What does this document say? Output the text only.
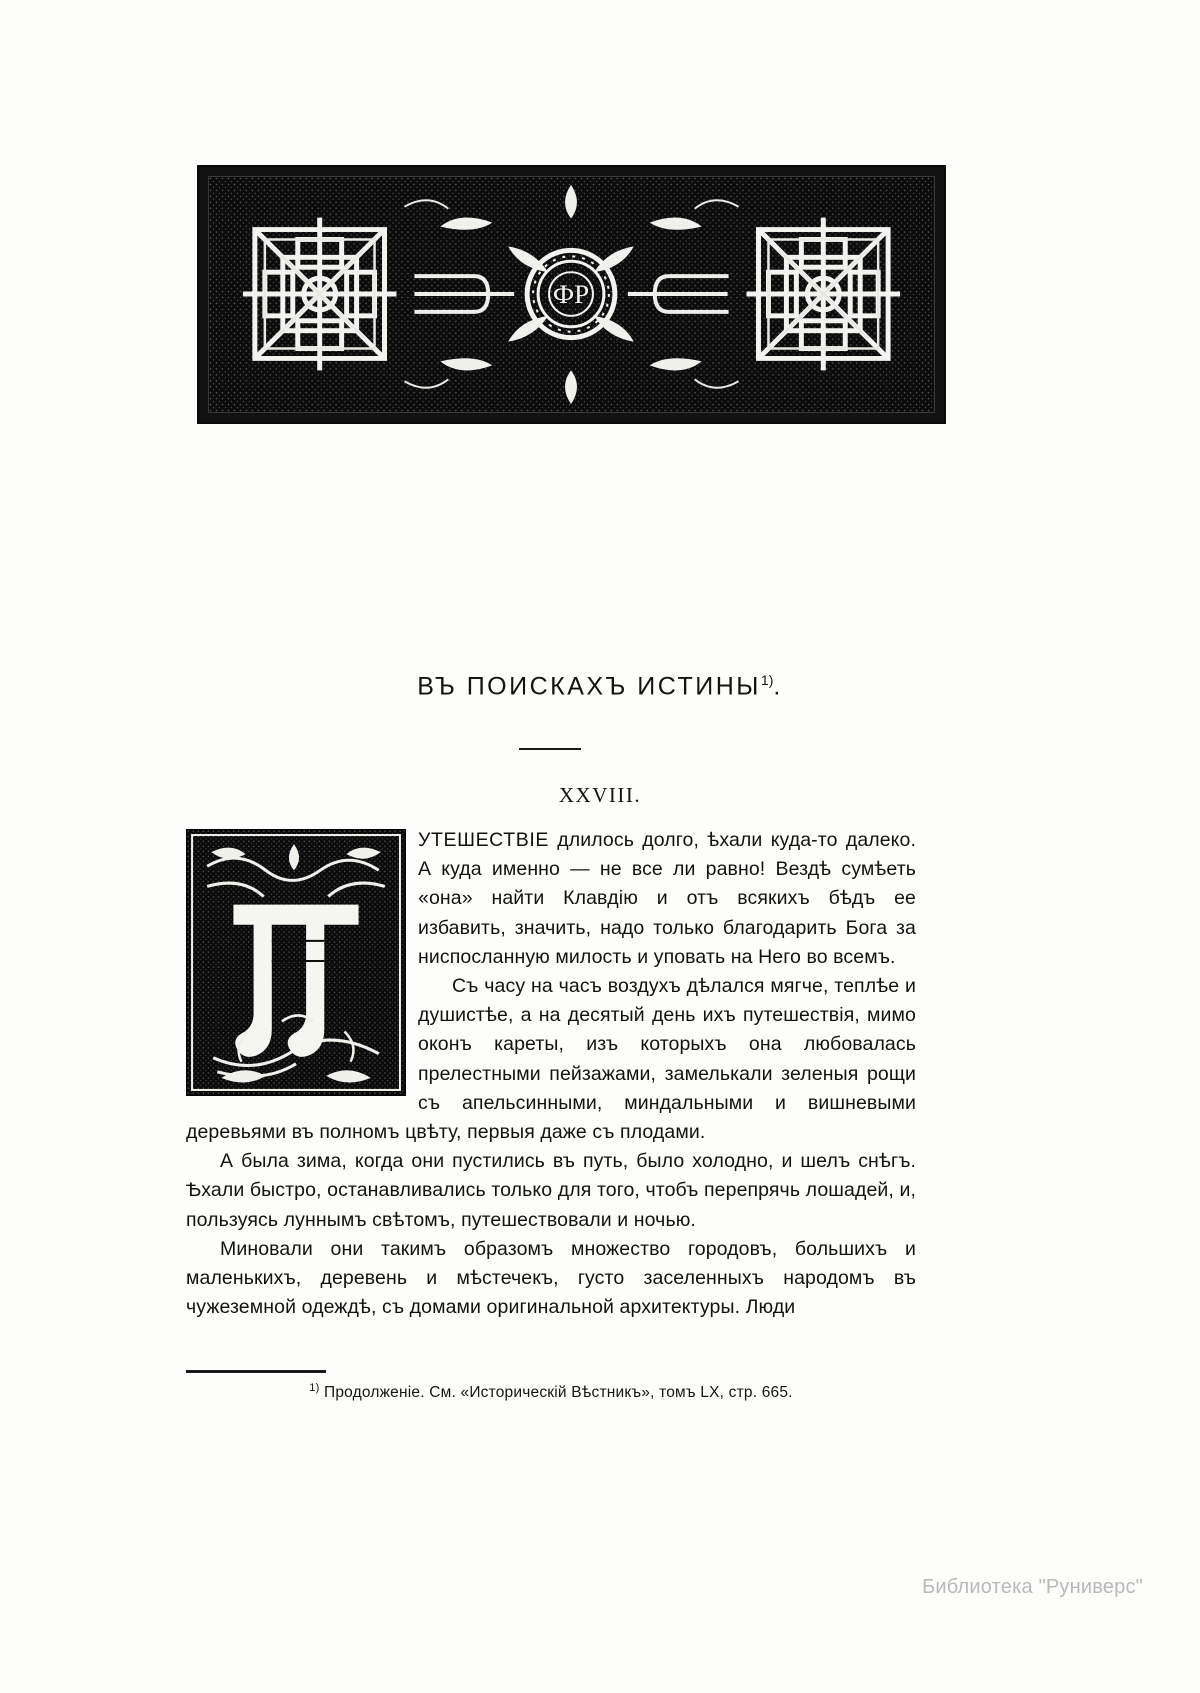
ФР
ВЪ ПОИСКАХЪ ИСТИНЫ$^{1)}$.
XXVIII.

УТЕШЕСТВІЕ длилось долго, ѣхали куда-то далеко. А куда именно — не все ли равно! Вездѣ сумѣеть «она» найти Клавдію и отъ всякихъ бѣдъ ее избавить, значить, надо только благодарить Бога за ниспосланную милость и уповать на Него во всемъ.

Съ часу на часъ воздухъ дѣлался мягче, теплѣе и душистѣе, а на десятый день ихъ путешествія, мимо оконъ кареты, изъ которыхъ она любовалась прелестными пейзажами, замелькали зеленыя рощи съ апельсинными, миндальными и вишневыми деревьями въ полномъ цвѣту, первыя даже съ плодами.

А была зима, когда они пустились въ путь, было холодно, и шелъ снѣгъ. Ѣхали быстро, останавливались только для того, чтобъ перепрячь лошадей, и, пользуясь луннымъ свѣтомъ, путешествовали и ночью.

Миновали они такимъ образомъ множество городовъ, большихъ и маленькихъ, деревень и мѣстечекъ, густо заселенныхъ народомъ въ чужеземной одеждѣ, съ домами оригинальной архитектуры. Люди

$^{1)}$ Продолженіе. См. «Историческій Вѣстникъ», томъ LX, стр. 665.
Библиотека "Руниверс"
